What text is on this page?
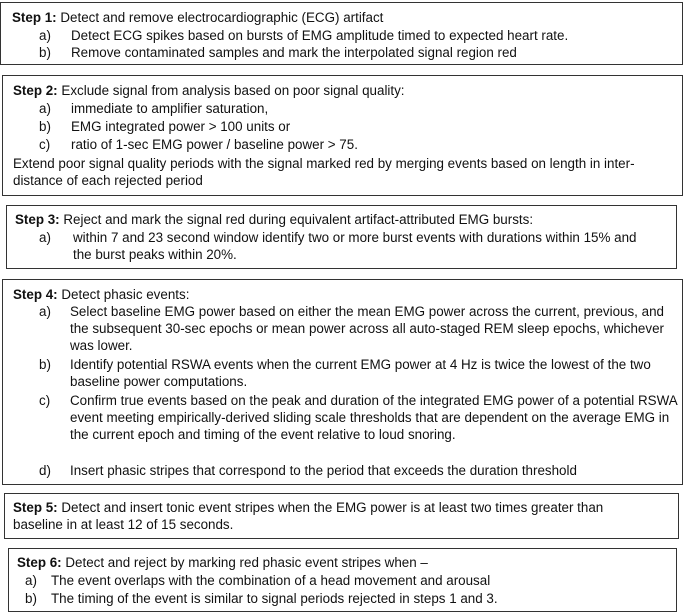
Step 1: Detect and remove electrocardiographic (ECG) artifact
a)	Detect ECG spikes based on bursts of EMG amplitude timed to expected heart rate.
b)	Remove contaminated samples and mark the interpolated signal region red
Step 2: Exclude signal from analysis based on poor signal quality:
a)	immediate to amplifier saturation,
b)	EMG integrated power > 100 units or
c)	ratio of 1-sec EMG power / baseline power > 75.
Extend poor signal quality periods with the signal marked red by merging events based on length in inter-distance of each rejected period
Step 3: Reject and mark the signal red during equivalent artifact-attributed EMG bursts:
a)	within 7 and 23 second window identify two or more burst events with durations within 15% and the burst peaks within 20%.
Step 4: Detect phasic events:
a)	Select baseline EMG power based on either the mean EMG power across the current, previous, and the subsequent 30-sec epochs or mean power across all auto-staged REM sleep epochs, whichever was lower.
b)	Identify potential RSWA events when the current EMG power at 4 Hz is twice the lowest of the two baseline power computations.
c)	Confirm true events based on the peak and duration of the integrated EMG power of a potential RSWA event meeting empirically-derived sliding scale thresholds that are dependent on the average EMG in the current epoch and timing of the event relative to loud snoring.
d)	Insert phasic stripes that correspond to the period that exceeds the duration threshold
Step 5: Detect and insert tonic event stripes when the EMG power is at least two times greater than baseline in at least 12 of 15 seconds.
Step 6: Detect and reject by marking red phasic event stripes when –
a)	The event overlaps with the combination of a head movement and arousal
b)	The timing of the event is similar to signal periods rejected in steps 1 and 3.
